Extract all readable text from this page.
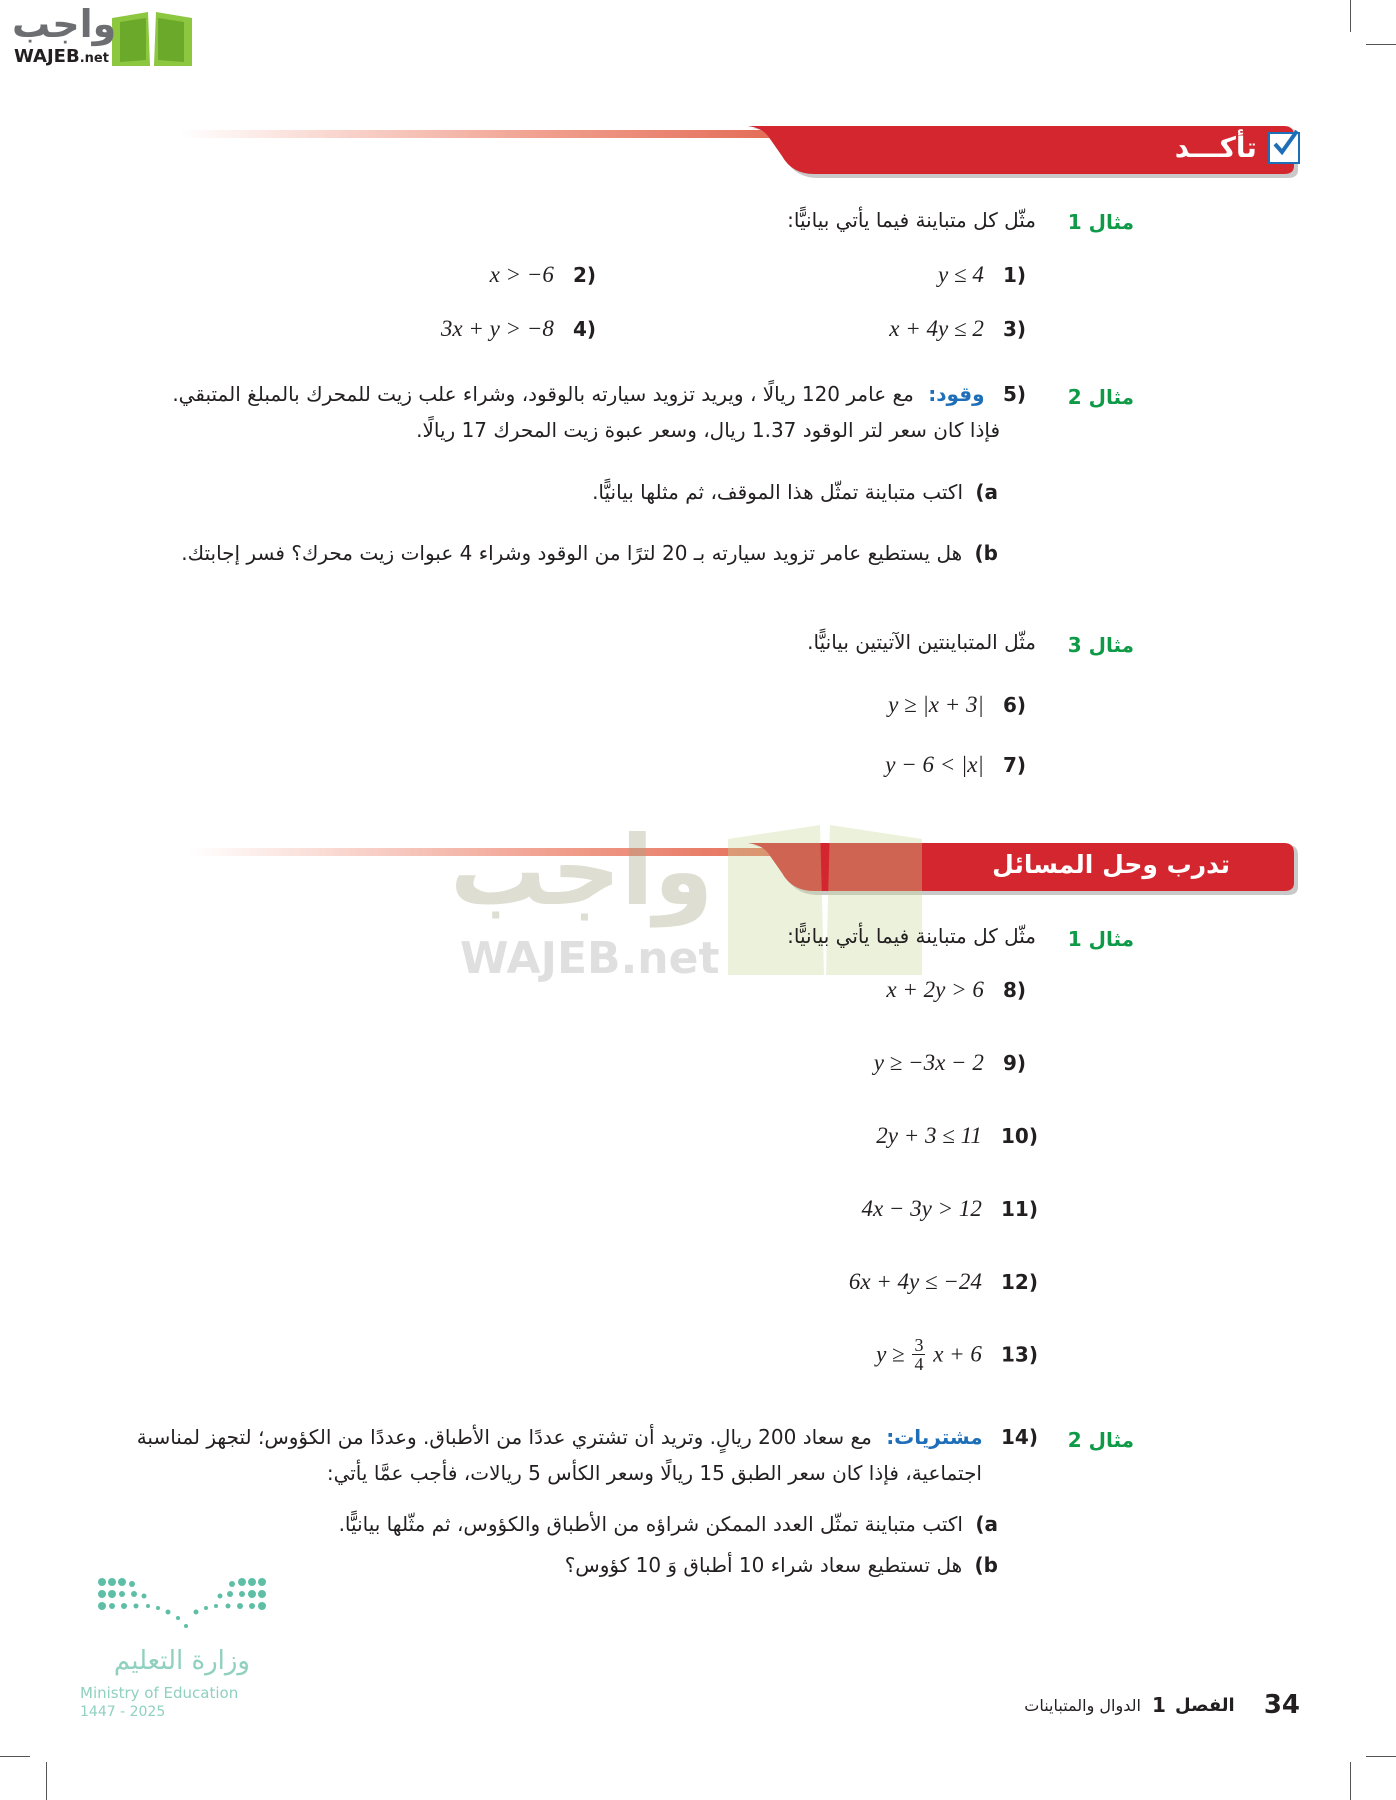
واجب
WAJEB.net
تأكـــد
مثال 1
مثّل كل متباينة فيما يأتي بيانيًّا:
(1 y ≤ 4
(2 x > −6
(3 x + 4y ≤ 2
(4 3x + y > −8
مثال 2
(5 وقود: مع عامر 120 ريالًا ، ويريد تزويد سيارته بالوقود، وشراء علب زيت للمحرك بالمبلغ المتبقي.
فإذا كان سعر لتر الوقود 1.37 ريال، وسعر عبوة زيت المحرك 17 ريالًا.
a) اكتب متباينة تمثّل هذا الموقف، ثم مثلها بيانيًّا.
b) هل يستطيع عامر تزويد سيارته بـ 20 لترًا من الوقود وشراء 4 عبوات زيت محرك؟ فسر إجابتك.
مثال 3
مثّل المتباينتين الآتيتين بيانيًّا.
(6 y ≥ |x + 3|
(7 y − 6 < |x|
تدرب وحل المسائل
واجب
WAJEB.net	مثال 1
مثّل كل متباينة فيما يأتي بيانيًّا:
(8 x + 2y > 6
(9 y ≥ −3x − 2
(10 2y + 3 ≤ 11
(11 4x − 3y > 12
(12 6x + 4y ≤ −24
(13 $y \ge \frac{3}{4}$ x + 6
مثال 2
(14 مشتريات: مع سعاد 200 ريالٍ. وتريد أن تشتري عددًا من الأطباق. وعددًا من الكؤوس؛ لتجهز لمناسبة
اجتماعية، فإذا كان سعر الطبق 15 ريالًا وسعر الكأس 5 ريالات، فأجب عمَّا يأتي:
a) اكتب متباينة تمثّل العدد الممكن شراؤه من الأطباق والكؤوس، ثم مثّلها بيانيًّا.
b) هل تستطيع سعاد شراء 10 أطباق وَ 10 كؤوس؟
وزارة التعليم
Ministry of Education
2025 - 1447	34 الفصل 1 الدوال والمتباينات
